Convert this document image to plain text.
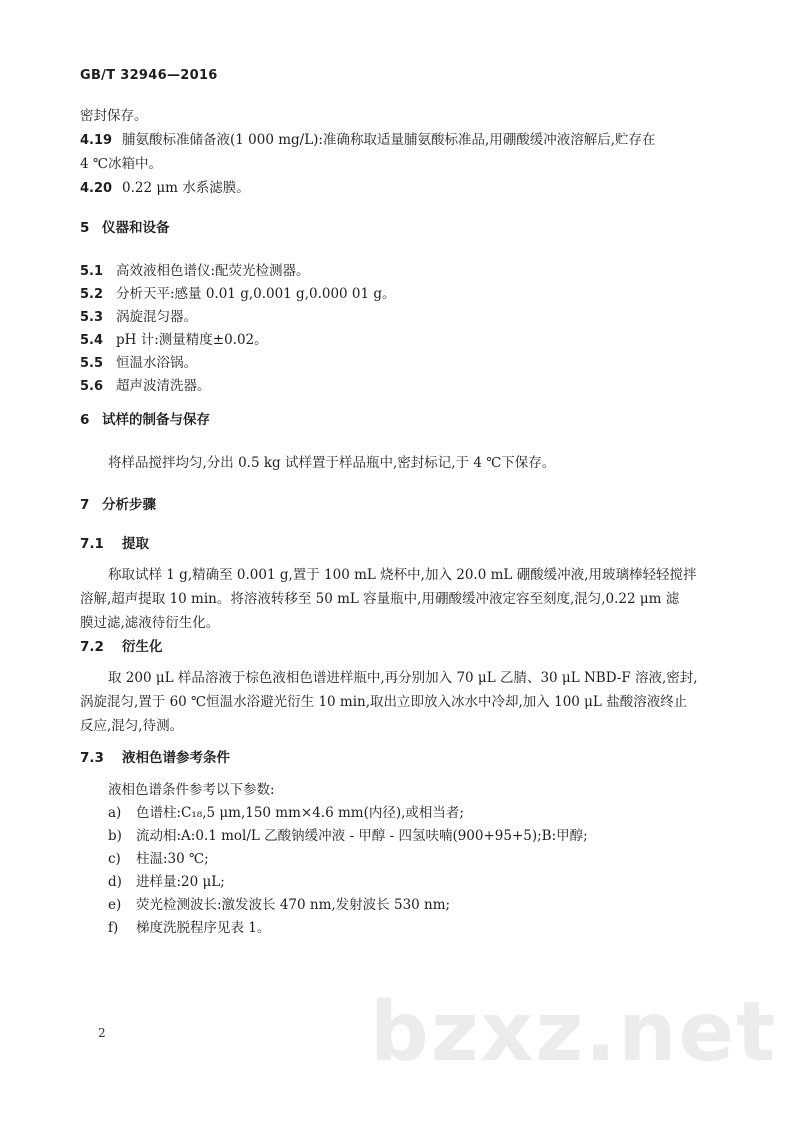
GB/T 32946—2016
密封保存。
4.19 脯氨酸标准储备液(1 000 mg/L):准确称取适量脯氨酸标准品,用硼酸缓冲液溶解后,贮存在
4 ℃冰箱中。
4.20 0.22 μm 水系滤膜。
5 仪器和设备
5.1 高效液相色谱仪:配荧光检测器。
5.2 分析天平:感量 0.01 g,0.001 g,0.000 01 g。
5.3 涡旋混匀器。
5.4 pH 计:测量精度±0.02。
5.5 恒温水浴锅。
5.6 超声波清洗器。
6 试样的制备与保存
将样品搅拌均匀,分出 0.5 kg 试样置于样品瓶中,密封标记,于 4 ℃下保存。
7 分析步骤
7.1 提取
称取试样 1 g,精确至 0.001 g,置于 100 mL 烧杯中,加入 20.0 mL 硼酸缓冲液,用玻璃棒轻轻搅拌
溶解,超声提取 10 min。将溶液转移至 50 mL 容量瓶中,用硼酸缓冲液定容至刻度,混匀,0.22 μm 滤
膜过滤,滤液待衍生化。
7.2 衍生化
取 200 μL 样品溶液于棕色液相色谱进样瓶中,再分别加入 70 μL 乙腈、30 μL NBD-F 溶液,密封,
涡旋混匀,置于 60 ℃恒温水浴避光衍生 10 min,取出立即放入冰水中冷却,加入 100 μL 盐酸溶液终止
反应,混匀,待测。
7.3 液相色谱参考条件
液相色谱条件参考以下参数:
a) 色谱柱:C₁₈,5 μm,150 mm×4.6 mm(内径),或相当者;
b) 流动相:A:0.1 mol/L 乙酸钠缓冲液 - 甲醇 - 四氢呋喃(900+95+5);B:甲醇;
c) 柱温:30 ℃;
d) 进样量:20 μL;
e) 荧光检测波长:激发波长 470 nm,发射波长 530 nm;
f) 梯度洗脱程序见表 1。
bzxz.net
2
